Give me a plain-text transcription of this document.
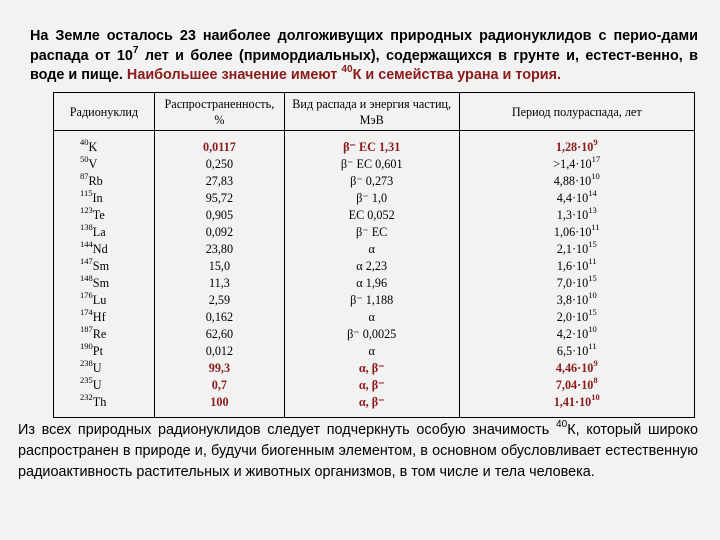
На Земле осталось 23 наиболее долгоживущих природных радионуклидов с перио-дами распада от $10^7$ лет и более (примордиальных), содержащихся в грунте и, естест-венно, в воде и пище. Наибольшее значение имеют $^{40}$К и семейства урана и тория.
Радионуклид	Распространенность, %	Вид распада и энергия частиц, МэВ	Период полураспада, лет
$^{40}$K	0,0117	β⁻ EC 1,31	$1,28\cdot 10^9$
$^{50}$V	0,250	β⁻ EC 0,601	$>1,4\cdot 10^{17}$
$^{87}$Rb	27,83	β⁻ 0,273	$4,88\cdot 10^{10}$
$^{115}$In	95,72	β⁻ 1,0	$4,4\cdot 10^{14}$
$^{123}$Te	0,905	EC 0,052	$1,3\cdot 10^{13}$
$^{138}$La	0,092	β⁻ EC	$1,06\cdot 10^{11}$
$^{144}$Nd	23,80	α	$2,1\cdot 10^{15}$
$^{147}$Sm	15,0	α 2,23	$1,6\cdot 10^{11}$
$^{148}$Sm	11,3	α 1,96	$7,0\cdot 10^{15}$
$^{176}$Lu	2,59	β⁻ 1,188	$3,8\cdot 10^{10}$
$^{174}$Hf	0,162	α	$2,0\cdot 10^{15}$
$^{187}$Re	62,60	β⁻ 0,0025	$4,2\cdot 10^{10}$
$^{190}$Pt	0,012	α	$6,5\cdot 10^{11}$
$^{238}$U	99,3	α, β⁻	$4,46\cdot 10^9$
$^{235}$U	0,7	α, β⁻	$7,04\cdot 10^8$
$^{232}$Th	100	α, β⁻	$1,41\cdot 10^{10}$
Из всех природных радионуклидов следует подчеркнуть особую значимость $^{40}$К, который широко распространен в природе и, будучи биогенным элементом, в основном обусловливает естественную радиоактивность растительных и животных организмов, в том числе и тела человека.
